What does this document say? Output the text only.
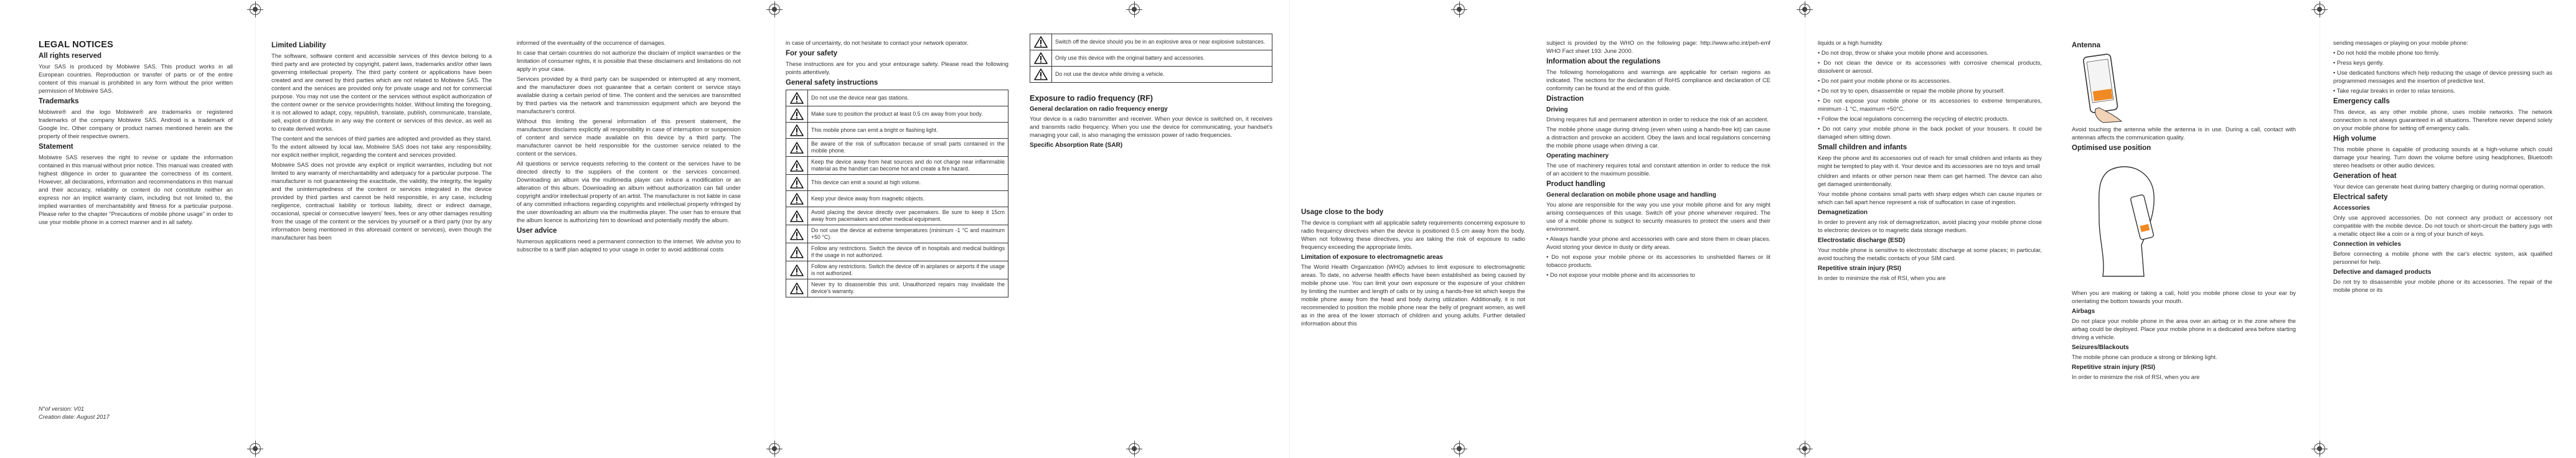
LEGAL NOTICES
All rights reserved

Your SAS is produced by Mobiwire SAS. This product works in all European countries. Reproduction or transfer of parts or of the entire content of this manual is prohibited in any form without the prior written permission of Mobiwire SAS.

Trademarks

Mobiwire® and the logo Mobiwire® are trademarks or registered trademarks of the company Mobiwire SAS. Android is a trademark of Google Inc. Other company or product names mentioned herein are the property of their respective owners.

Statement

Mobiwire SAS reserves the right to revise or update the information contained in this manual without prior notice. This manual was created with highest diligence in order to guarantee the correctness of its content. However, all declarations, information and recommendations in this manual and their accuracy, reliability or content do not constitute neither an express nor an implicit warranty claim, including but not limited to, the implied warranties of merchantability and fitness for a particular purpose. Please refer to the chapter "Precautions of mobile phone usage" in order to use your mobile phone in a correct manner and in all safety.

N°of version: V01

Creation date: August 2017

Limited Liability

The software, software content and accessible services of this device belong to a third party and are protected by copyright, patent laws, trademarks and/or other laws governing intellectual property. The third party content or applications have been created and are owned by third parties which are not related to Mobiwire SAS. The content and the services are provided only for private usage and not for commercial purpose. You may not use the content or the services without explicit authorization of the content owner or the service provider/rights holder. Without limiting the foregoing, it is not allowed to adapt, copy, republish, translate, publish, communicate, translate, sell, exploit or distribute in any way the content or services of this device, as well as to create derived works.

The content and the services of third parties are adopted and provided as they stand. To the extent allowed by local law, Mobiwire SAS does not take any responsibility, nor explicit neither implicit, regarding the content and services provided.

Mobiwire SAS does not provide any explicit or implicit warranties, including but not limited to any warranty of merchantability and adequacy for a particular purpose. The manufacturer is not guaranteeing the exactitude, the validity, the integrity, the legality and the uninterruptedness of the content or services integrated in the device provided by third parties and cannot be held responsible, in any case, including negligence, contractual liability or tortious liability, direct or indirect damage, occasional, special or consecutive lawyers' fees, fees or any other damages resulting from the usage of the content or the services by yourself or a third party (nor by any information being mentioned in this aforesaid content or services), even though the manufacturer has been

informed of the eventuality of the occurrence of damages.

In case that certain countries do not authorize the disclaim of implicit warranties or the limitation of consumer rights, it is possible that these disclaimers and limitations do not apply in your case.

Services provided by a third party can be suspended or interrupted at any moment, and the manufacturer does not guarantee that a certain content or service stays available during a certain period of time. The content and the services are transmitted by third parties via the network and transmission equipment which are beyond the manufacturer's control.

Without this limiting the general information of this present statement, the manufacturer disclaims explicitly all responsibility in case of interruption or suspension of content and service made available on this device by a third party. The manufacturer cannot be held responsible for the customer service related to the content or the services.

All questions or service requests referring to the content or the services have to be directed directly to the suppliers of the content or the services concerned. Downloading an album via the multimedia player can induce a modification or an alteration of this album. Downloading an album without authorization can fall under copyright and/or intellectual property of an artist. The manufacturer is not liable in case of any committed infractions regarding copyrights and intellectual property infringed by the user downloading an album via the multimedia player. The user has to ensure that the album licence is authorizing him to download and potentially modify the album.

User advice

Numerous applications need a permanent connection to the internet. We advise you to subscribe to a tariff plan adapted to your usage in order to avoid additional costs

in case of uncertainty, do not hesitate to contact your network operator.

For your safety

These instructions are for you and your entourage safety. Please read the following points attentively.

General safety instructions
	Do not use the device near gas stations.
	Make sure to position the product at least 0.5 cm away from your body.
	This mobile phone can emit a bright or flashing light.
	Be aware of the risk of suffocation because of small parts contained in the mobile phone.
	Keep the device away from heat sources and do not charge near inflammable material as the handset can become hot and create a fire hazard.
	This device can emit a sound at high volume.
	Keep your device away from magnetic objects.
	Avoid placing the device directly over pacemakers. Be sure to keep it 15cm away from pacemakers and other medical equipment.
	Do not use the device at extreme temperatures (minimum -1 °C and maximum +50 °C).
	Follow any restrictions. Switch the device off in hospitals and medical buildings if the usage in not authorized.
	Follow any restrictions. Switch the device off in airplanes or airports if the usage is not authorized.
	Never try to disassemble this unit. Unauthorized repairs may invalidate the device's warranty.
	Switch off the device should you be in an explosive area or near explosive substances.
	Only use this device with the original battery and accessories.
	Do not use the device while driving a vehicle.
Exposure to radio frequency (RF)
General declaration on radio frequency energy

Your device is a radio transmitter and receiver. When your device is switched on, it receives and transmits radio frequency. When you use the device for communicating, your handset's managing your call, is also managing the emission power of radio frequencies.

Specific Absorption Rate (SAR)
Usage close to the body

The device is compliant with all applicable safety requirements concerning exposure to radio frequency directives when the device is positioned 0.5 cm away from the body. When not following these directives, you are taking the risk of exposure to radio frequency exceeding the appropriate limits.

Limitation of exposure to electromagnetic areas

The World Health Organization (WHO) advises to limit exposure to electromagnetic areas. To date, no adverse health effects have been established as being caused by mobile phone use. You can limit your own exposure or the exposure of your children by limiting the number and length of calls or by using a hands-free kit which keeps the mobile phone away from the head and body during utilization. Additionally, it is not recommended to position the mobile phone near the belly of pregnant women, as well as in the area of the lower stomach of children and young adults. Further detailed information about this

subject is provided by the WHO on the following page: http://www.who.int/peh-emf WHO Fact sheet 193: June 2000.

Information about the regulations

The following homologations and warnings are applicable for certain regions as indicated. The sections for the declaration of RoHS compliance and declaration of CE conformity can be found at the end of this guide.

Distraction
Driving

Driving requires full and permanent attention in order to reduce the risk of an accident.

The mobile phone usage during driving (even when using a hands-free kit) can cause a distraction and provoke an accident. Obey the laws and local regulations concerning the mobile phone usage when driving a car.

Operating machinery

The use of machinery requires total and constant attention in order to reduce the risk of an accident to the maximum possible.

Product handling
General declaration on mobile phone usage and handling

You alone are responsible for the way you use your mobile phone and for any might arising consequences of this usage. Switch off your phone whenever required. The use of a mobile phone is subject to security measures to protect the users and their environment.

• Always handle your phone and accessories with care and store them in clean places. Avoid storing your device in dusty or dirty areas.

• Do not expose your mobile phone or its accessories to unshielded flames or lit tobacco products.

• Do not expose your mobile phone and its accessories to

liquids or a high humidity.

• Do not drop, throw or shake your mobile phone and accessories.

• Do not clean the device or its accessories with corrosive chemical products, dissolvent or aerosol.

• Do not paint your mobile phone or its accessories.

• Do not try to open, disassemble or repair the mobile phone by yourself.

• Do not expose your mobile phone or its accessories to extreme temperatures, minimum -1 °C, maximum +50°C.

• Follow the local regulations concerning the recycling of electric products.

• Do not carry your mobile phone in the back pocket of your trousers. It could be damaged when sitting down.

Small children and infants

Keep the phone and its accessories out of reach for small children and infants as they might be tempted to play with it. Your device and its accessories are no toys and small

children and infants or other person near them can get harmed. The device can also get damaged unintentionally.

Your mobile phone contains small parts with sharp edges which can cause injuries or which can fall apart hence represent a risk of suffocation in case of ingestion.

Demagnetization

In order to prevent any risk of demagnetization, avoid placing your mobile phone close to electronic devices or to magnetic data storage medium.

Electrostatic discharge (ESD)

Your mobile phone is sensitive to electrostatic discharge at some places; in particular, avoid touching the metallic contacts of your SIM card.

Repetitive strain injury (RSI)

In order to minimize the risk of RSI, when you are

Antenna

Avoid touching the antenna while the antenna is in use. During a call, contact with antennas affects the communication quality.

Optimised use position

When you are making or taking a call, hold you mobile phone close to your ear by orientating the bottom towards your mouth.

Airbags

Do not place your mobile phone in the area over an airbag or in the zone where the airbag could be deployed. Place your mobile phone in a dedicated area before starting driving a vehicle.

Seizures/Blackouts

The mobile phone can produce a strong or blinking light.

Repetitive strain injury (RSI)

In order to minimize the risk of RSI, when you are

sending messages or playing on your mobile phone:

• Do not hold the mobile phone too firmly.

• Press keys gently.

• Use dedicated functions which help reducing the usage of device pressing such as programmed messages and the insertion of predictive text.

• Take regular breaks in order to relax tensions.

Emergency calls

This device, as any other mobile phone, uses mobile networks. The network connection is not always guaranteed in all situations. Therefore never depend solely on your mobile phone for setting off emergency calls.

High volume

This mobile phone is capable of producing sounds at a high-volume which could damage your hearing. Turn down the volume before using headphones, Bluetooth stereo headsets or other audio devices.

Generation of heat

Your device can generate heat during battery charging or during normal operation.

Electrical safety
Accessories

Only use approved accessories. Do not connect any product or accessory not compatible with the mobile device. Do not touch or short-circuit the battery jugs with a metallic object like a coin or a ring of your bunch of keys.

Connection in vehicles

Before connecting a mobile phone with the car's electric system, ask qualified personnel for help.

Defective and damaged products

Do not try to disassemble your mobile phone or its accessories. The repair of the mobile phone or its
